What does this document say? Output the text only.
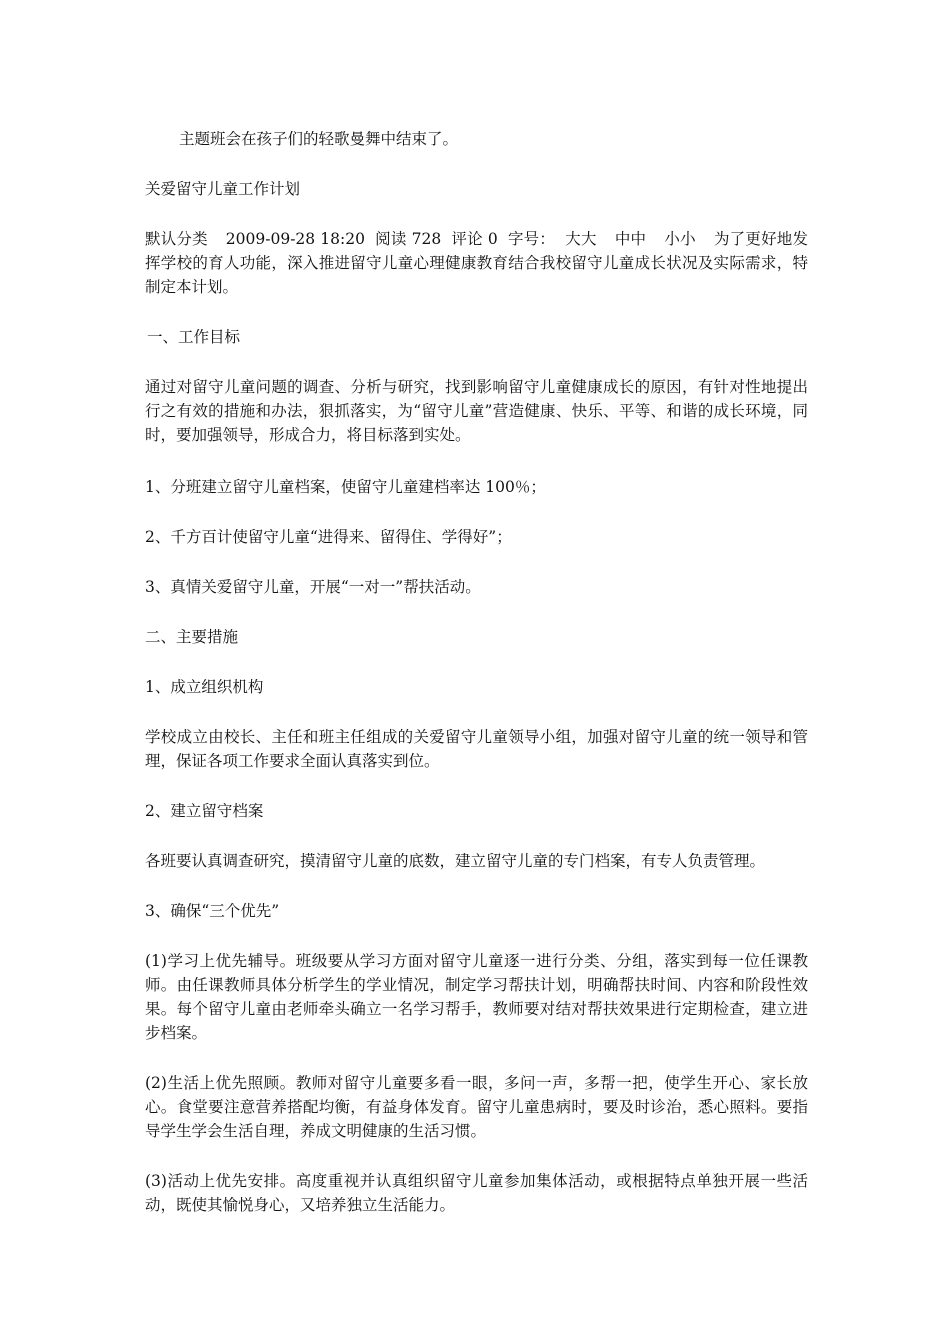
主题班会在孩子们的轻歌曼舞中结束了。

关爱留守儿童工作计划

默认分类 2009-09-28 18:20 阅读 728 评论 0 字号： 大大 中中 小小 为了更好地发挥学校的育人功能，深入推进留守儿童心理健康教育结合我校留守儿童成长状况及实际需求，特制定本计划。

一、工作目标

通过对留守儿童问题的调查、分析与研究，找到影响留守儿童健康成长的原因，有针对性地提出行之有效的措施和办法，狠抓落实，为“留守儿童”营造健康、快乐、平等、和谐的成长环境，同时，要加强领导，形成合力，将目标落到实处。

1、分班建立留守儿童档案，使留守儿童建档率达 100％；

2、千方百计使留守儿童“进得来、留得住、学得好”；

3、真情关爱留守儿童，开展“一对一”帮扶活动。

二、主要措施

1、成立组织机构

学校成立由校长、主任和班主任组成的关爱留守儿童领导小组，加强对留守儿童的统一领导和管理，保证各项工作要求全面认真落实到位。

2、建立留守档案

各班要认真调查研究，摸清留守儿童的底数，建立留守儿童的专门档案，有专人负责管理。

3、确保“三个优先”

(1)学习上优先辅导。班级要从学习方面对留守儿童逐一进行分类、分组，落实到每一位任课教师。由任课教师具体分析学生的学业情况，制定学习帮扶计划，明确帮扶时间、内容和阶段性效果。每个留守儿童由老师牵头确立一名学习帮手，教师要对结对帮扶效果进行定期检查，建立进步档案。

(2)生活上优先照顾。教师对留守儿童要多看一眼，多问一声，多帮一把，使学生开心、家长放心。食堂要注意营养搭配均衡，有益身体发育。留守儿童患病时，要及时诊治，悉心照料。要指导学生学会生活自理，养成文明健康的生活习惯。

(3)活动上优先安排。高度重视并认真组织留守儿童参加集体活动，或根据特点单独开展一些活动，既使其愉悦身心，又培养独立生活能力。
